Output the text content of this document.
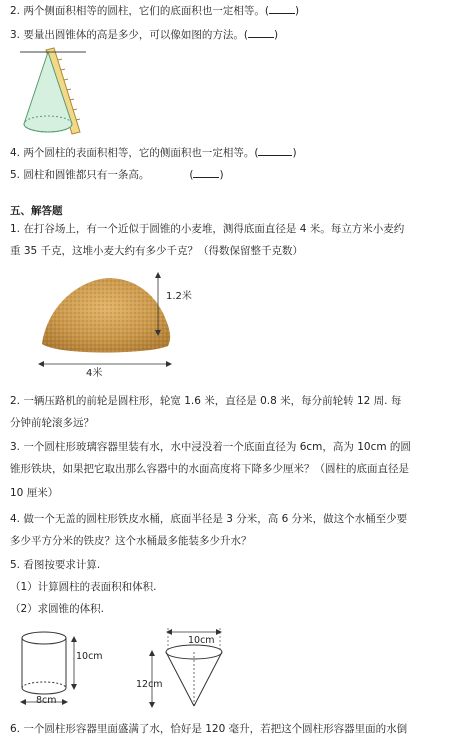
2. 两个侧面积相等的圆柱，它们的底面积也一定相等。( )
3. 要量出圆锥体的高是多少，可以像如图的方法。( )
4. 两个圆柱的表面积相等，它的侧面积也一定相等。(	)
5. 圆柱和圆锥都只有一条高。	( )
五、解答题
1. 在打谷场上，有一个近似于圆锥的小麦堆，测得底面直径是 4 米。每立方米小麦约
重 35 千克，这堆小麦大约有多少千克？（得数保留整千克数）
1.2米
4米
2. 一辆压路机的前轮是圆柱形，轮宽 1.6 米，直径是 0.8 米，每分前轮转 12 周. 每
分钟前轮滚多远？
3. 一个圆柱形玻璃容器里装有水，水中浸没着一个底面直径为 6cm，高为 10cm 的圆
锥形铁块，如果把它取出那么容器中的水面高度将下降多少厘米？（圆柱的底面直径是
10 厘米）
4. 做一个无盖的圆柱形铁皮水桶，底面半径是 3 分米，高 6 分米，做这个水桶至少要
多少平方分米的铁皮？这个水桶最多能装多少升水？
5. 看图按要求计算.
（1）计算圆柱的表面积和体积.
（2）求圆锥的体积.
10cm
8cm
10cm
12cm
6. 一个圆柱形容器里面盛满了水，恰好是 120 毫升，若把这个圆柱形容器里面的水倒
